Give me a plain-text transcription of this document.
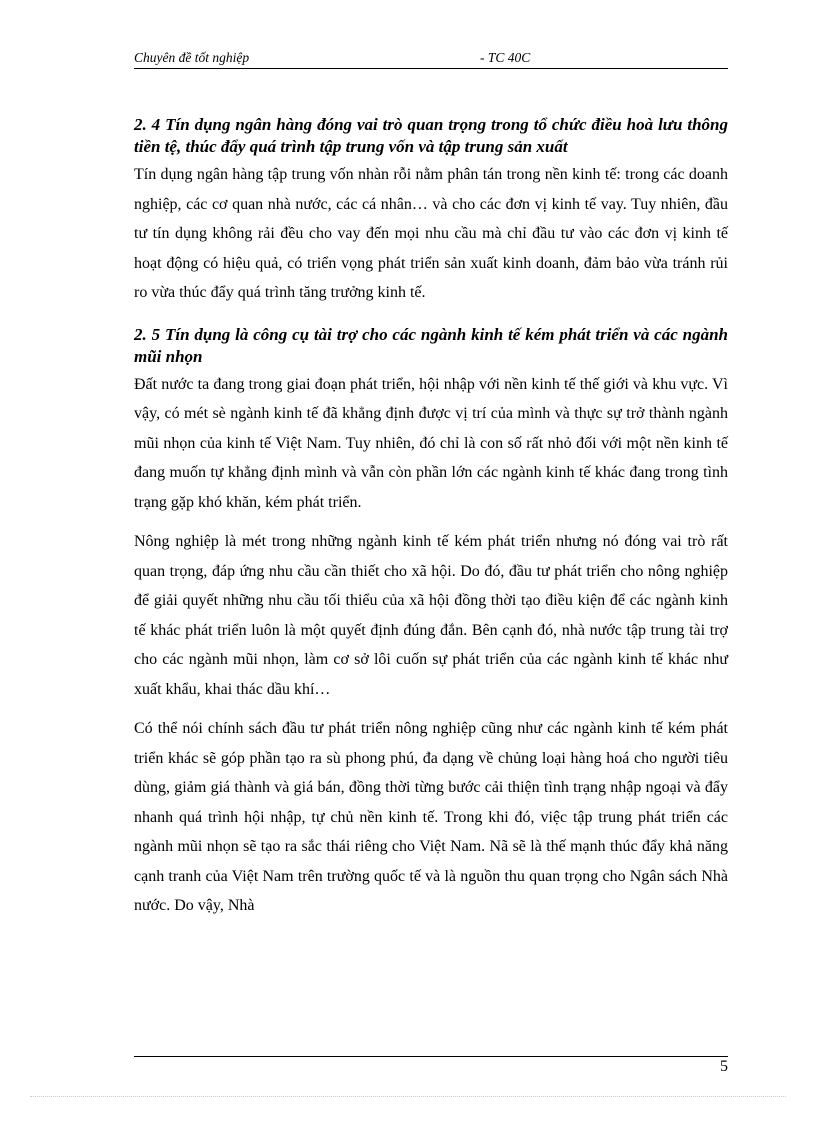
Chuyên đề tốt nghiệp	- TC 40C

2. 4 Tín dụng ngân hàng đóng vai trò quan trọng trong tổ chức điều hoà lưu thông tiền tệ, thúc đẩy quá trình tập trung vốn và tập trung sản xuất

Tín dụng ngân hàng tập trung vốn nhàn rỗi nằm phân tán trong nền kinh tế: trong các doanh nghiệp, các cơ quan nhà nước, các cá nhân… và cho các đơn vị kinh tế vay. Tuy nhiên, đầu tư tín dụng không rải đều cho vay đến mọi nhu cầu mà chỉ đầu tư vào các đơn vị kinh tế hoạt động có hiệu quả, có triển vọng phát triển sản xuất kinh doanh, đảm bảo vừa tránh rủi ro vừa thúc đẩy quá trình tăng trưởng kinh tế.

2. 5 Tín dụng là công cụ tài trợ cho các ngành kinh tế kém phát triển và các ngành mũi nhọn

Đất nước ta đang trong giai đoạn phát triển, hội nhập với nền kinh tế thế giới và khu vực. Vì vậy, có mét sè ngành kinh tế đã khẳng định được vị trí của mình và thực sự trở thành ngành mũi nhọn của kinh tế Việt Nam. Tuy nhiên, đó chỉ là con số rất nhỏ đối với một nền kinh tế đang muốn tự khẳng định mình và vẫn còn phần lớn các ngành kinh tế khác đang trong tình trạng gặp khó khăn, kém phát triển.

Nông nghiệp là mét trong những ngành kinh tế kém phát triển nhưng nó đóng vai trò rất quan trọng, đáp ứng nhu cầu cần thiết cho xã hội. Do đó, đầu tư phát triển cho nông nghiệp để giải quyết những nhu cầu tối thiểu của xã hội đồng thời tạo điều kiện để các ngành kinh tế khác phát triển luôn là một quyết định đúng đắn. Bên cạnh đó, nhà nước tập trung tài trợ cho các ngành mũi nhọn, làm cơ sở lôi cuốn sự phát triển của các ngành kinh tế khác như xuất khẩu, khai thác dầu khí…

Có thể nói chính sách đầu tư phát triển nông nghiệp cũng như các ngành kinh tế kém phát triển khác sẽ góp phần tạo ra sù phong phú, đa dạng về chủng loại hàng hoá cho người tiêu dùng, giảm giá thành và giá bán, đồng thời từng bước cải thiện tình trạng nhập ngoại và đẩy nhanh quá trình hội nhập, tự chủ nền kinh tế. Trong khi đó, việc tập trung phát triển các ngành mũi nhọn sẽ tạo ra sắc thái riêng cho Việt Nam. Nã sẽ là thế mạnh thúc đẩy khả năng cạnh tranh của Việt Nam trên trường quốc tế và là nguồn thu quan trọng cho Ngân sách Nhà nước. Do vậy, Nhà

5
